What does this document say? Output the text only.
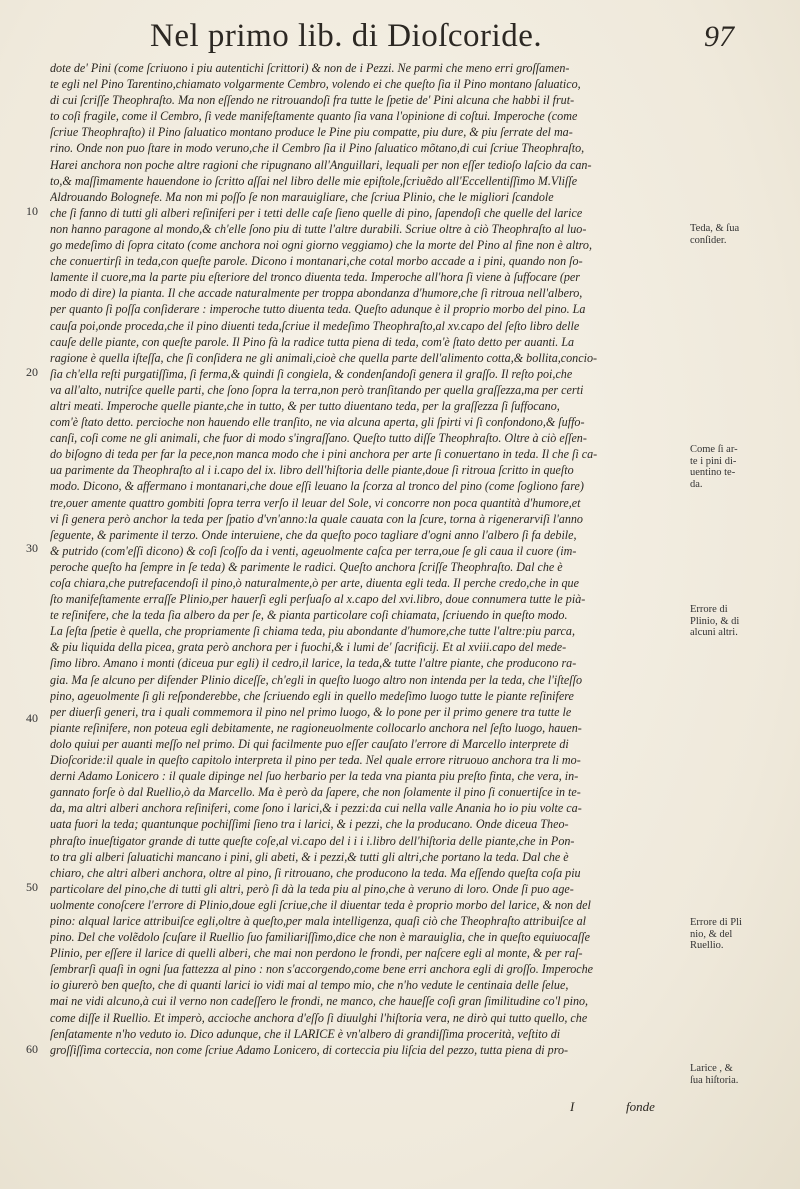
Nel primo lib. di Dioſcoride.	97
dote de' Pini (come ſcriuono i piu autentichi ſcrittori) & non de i Pezzi. Ne parmi che meno erri groſſamen-
te egli nel Pino Tarentino,chiamato volgarmente Cembro, volendo ei che queſto ſia il Pino montano ſaluatico,
di cui ſcriſſe Theophraſto. Ma non eſſendo ne ritrouandoſi fra tutte le ſpetie de' Pini alcuna che habbi il frut-
to coſi fragile, come il Cembro, ſi vede manifeſtamente quanto ſia vana l'opinione di coſtui. Imperoche (come
ſcriue Theophraſto) il Pino ſaluatico montano produce le Pine piu compatte, piu dure, & piu ſerrate del ma-
rino. Onde non puo ſtare in modo veruno,che il Cembro ſia il Pino ſaluatico mõtano,di cui ſcriue Theophraſto,
Harei anchora non poche altre ragioni che ripugnano all'Anguillari, lequali per non eſſer tedioſo laſcio da can-
to,& maſſimamente hauendone io ſcritto aſſai nel libro delle mie epiſtole,ſcriuẽdo all'Eccellentiſſimo M.Vliſſe
Aldrouando Bolognefe. Ma non mi poſſo ſe non marauigliare, che ſcriua Plinio, che le migliori ſcandole
che ſi fanno di tutti gli alberi reſiniferi per i tetti delle caſe ſieno quelle di pino, ſapendoſi che quelle del larice
non hanno paragone al mondo,& ch'elle ſono piu di tutte l'altre durabili. Scriue oltre à ciò Theophraſto al luo-
go medeſimo di ſopra citato (come anchora noi ogni giorno veggiamo) che la morte del Pino al fine non è altro,
che conuertirſi in teda,con queſte parole. Dicono i montanari,che cotal morbo accade a i pini, quando non ſo-
lamente il cuore,ma la parte piu eſteriore del tronco diuenta teda. Imperoche all'hora ſi viene à ſuffocare (per
modo di dire) la pianta. Il che accade naturalmente per troppa abondanza d'humore,che ſi ritroua nell'albero,
per quanto ſi poſſa conſiderare : imperoche tutto diuenta teda. Queſto adunque è il proprio morbo del pino. La
cauſa poi,onde proceda,che il pino diuenti teda,ſcriue il medeſimo Theophraſto,al xv.capo del ſeſto libro delle
cauſe delle piante, con queſte parole. Il Pino fà la radice tutta piena di teda, com'è ſtato detto per auanti. La
ragione è quella iſteſſa, che ſi conſidera ne gli animali,cioè che quella parte dell'alimento cotta,& bollita,concio-
ſia ch'ella reſti purgatiſſima, ſi ferma,& quindi ſi congiela, & condenſandoſi genera il graſſo. Il reſto poi,che
va all'alto, nutriſce quelle parti, che ſono ſopra la terra,non però tranſitando per quella graſſezza,ma per certi
altri meati. Imperoche quelle piante,che in tutto, & per tutto diuentano teda, per la graſſezza ſi ſuffocano,
com'è ſtato detto. percioche non hauendo elle tranſito, ne via alcuna aperta, gli ſpirti vi ſi confondono,& ſuffo-
canſi, coſi come ne gli animali, che fuor di modo s'ingraſſano. Queſto tutto diſſe Theophraſto. Oltre à ciò eſſen-
do biſogno di teda per far la pece,non manca modo che i pini anchora per arte ſi conuertano in teda. Il che ſi ca-
ua parimente da Theophraſto al i i.capo del ix. libro dell'hiſtoria delle piante,doue ſi ritroua ſcritto in queſto
modo. Dicono, & affermano i montanari,che doue eſſi leuano la ſcorza al tronco del pino (come ſogliono fare)
tre,ouer amente quattro gombiti ſopra terra verſo il leuar del Sole, vi concorre non poca quantità d'humore,et
vi ſi genera però anchor la teda per ſpatio d'vn'anno:la quale cauata con la ſcure, torna à rigenerarviſi l'anno
ſeguente, & parimente il terzo. Onde interuiene, che da queſto poco tagliare d'ogni anno l'albero ſi fa debile,
& putrido (com'eſſi dicono) & coſi ſcoſſo da i venti, ageuolmente caſca per terra,oue ſe gli caua il cuore (im-
peroche queſto ha ſempre in ſe teda) & parimente le radici. Queſto anchora ſcriſſe Theophraſto. Dal che è
coſa chiara,che putrefacendoſi il pino,ò naturalmente,ò per arte, diuenta egli teda. Il perche credo,che in que
ſto manifeſtamente erraſſe Plinio,per hauerſi egli perſuaſo al x.capo del xvi.libro, doue connumera tutte le pià-
te reſinifere, che la teda ſia albero da per ſe, & pianta particolare coſi chiamata, ſcriuendo in queſto modo.
La ſeſta ſpetie è quella, che propriamente ſi chiama teda, piu abondante d'humore,che tutte l'altre:piu parca,
& piu liquida della picea, grata però anchora per i fuochi,& i lumi de' ſacrificij. Et al xviii.capo del mede-
ſimo libro. Amano i monti (diceua pur egli) il cedro,il larice, la teda,& tutte l'altre piante, che producono ra-
gia. Ma ſe alcuno per difender Plinio diceſſe, ch'egli in queſto luogo altro non intenda per la teda, che l'iſteſſo
pino, ageuolmente ſi gli reſponderebbe, che ſcriuendo egli in quello medeſimo luogo tutte le piante reſinifere
per diuerſi generi, tra i quali commemora il pino nel primo luogo, & lo pone per il primo genere tra tutte le
piante reſinifere, non poteua egli debitamente, ne ragioneuolmente collocarlo anchora nel ſeſto luogo, hauen-
dolo quiui per auanti meſſo nel primo. Di qui facilmente puo eſſer cauſato l'errore di Marcello interprete di
Dioſcoride:il quale in queſto capitolo interpreta il pino per teda. Nel quale errore ritruouo anchora tra li mo-
derni Adamo Lonicero : il quale dipinge nel ſuo herbario per la teda vna pianta piu preſto finta, che vera, in-
gannato forſe ò dal Ruellio,ò da Marcello. Ma è però da ſapere, che non ſolamente il pino ſi conuertiſce in te-
da, ma altri alberi anchora reſiniferi, come ſono i larici,& i pezzi:da cui nella valle Anania ho io piu volte ca-
uata fuori la teda; quantunque pochiſſimi ſieno tra i larici, & i pezzi, che la producano. Onde diceua Theo-
phraſto inueſtigator grande di tutte queſte coſe,al vi.capo del i i i i.libro dell'hiſtoria delle piante,che in Pon-
to tra gli alberi ſaluatichi mancano i pini, gli abeti, & i pezzi,& tutti gli altri,che portano la teda. Dal che è
chiaro, che altri alberi anchora, oltre al pino, ſi ritrouano, che producono la teda. Ma eſſendo queſta coſa piu
particolare del pino,che di tutti gli altri, però ſi dà la teda piu al pino,che à veruno di loro. Onde ſi puo age-
uolmente conoſcere l'errore di Plinio,doue egli ſcriue,che il diuentar teda è proprio morbo del larice, & non del
pino: alqual larice attribuiſce egli,oltre à queſto,per mala intelligenza, quaſi ciò che Theophraſto attribuiſce al
pino. Del che volẽdolo ſcuſare il Ruellio ſuo familiariſſimo,dice che non è marauiglia, che in queſto equiuocaſſe
Plinio, per eſſere il larice di quelli alberi, che mai non perdono le frondi, per naſcere egli al monte, & per raſ-
ſembrarſi quaſi in ogni ſua fattezza al pino : non s'accorgendo,come bene erri anchora egli di groſſo. Imperoche
io giurerò ben queſto, che di quanti larici io vidi mai al tempo mio, che n'ho vedute le centinaia delle ſelue,
mai ne vidi alcuno,à cui il verno non cadeſſero le frondi, ne manco, che haueſſe coſi gran ſimilitudine co'l pino,
come diſſe il Ruellio. Et imperò, accioche anchora d'eſſo ſi diuulghi l'hiſtoria vera, ne dirò qui tutto quello, che
ſenſatamente n'ho veduto io. Dico adunque, che il LARICE è vn'albero di grandiſſima procerità, veſtito di
groſſiſſima corteccia, non come ſcriue Adamo Lonicero, di corteccia piu liſcia del pezzo, tutta piena di pro-
10
20
30
40
50
60
Teda, & ſua
conſider.
Come ſi ar-
te i pini di-
uentino te-
da.
Errore di
Plinio, & di
alcuni altri.
Errore di Pli
nio, & del
Ruellio.
Larice , &
ſua hiſtoria.
I	fonde
